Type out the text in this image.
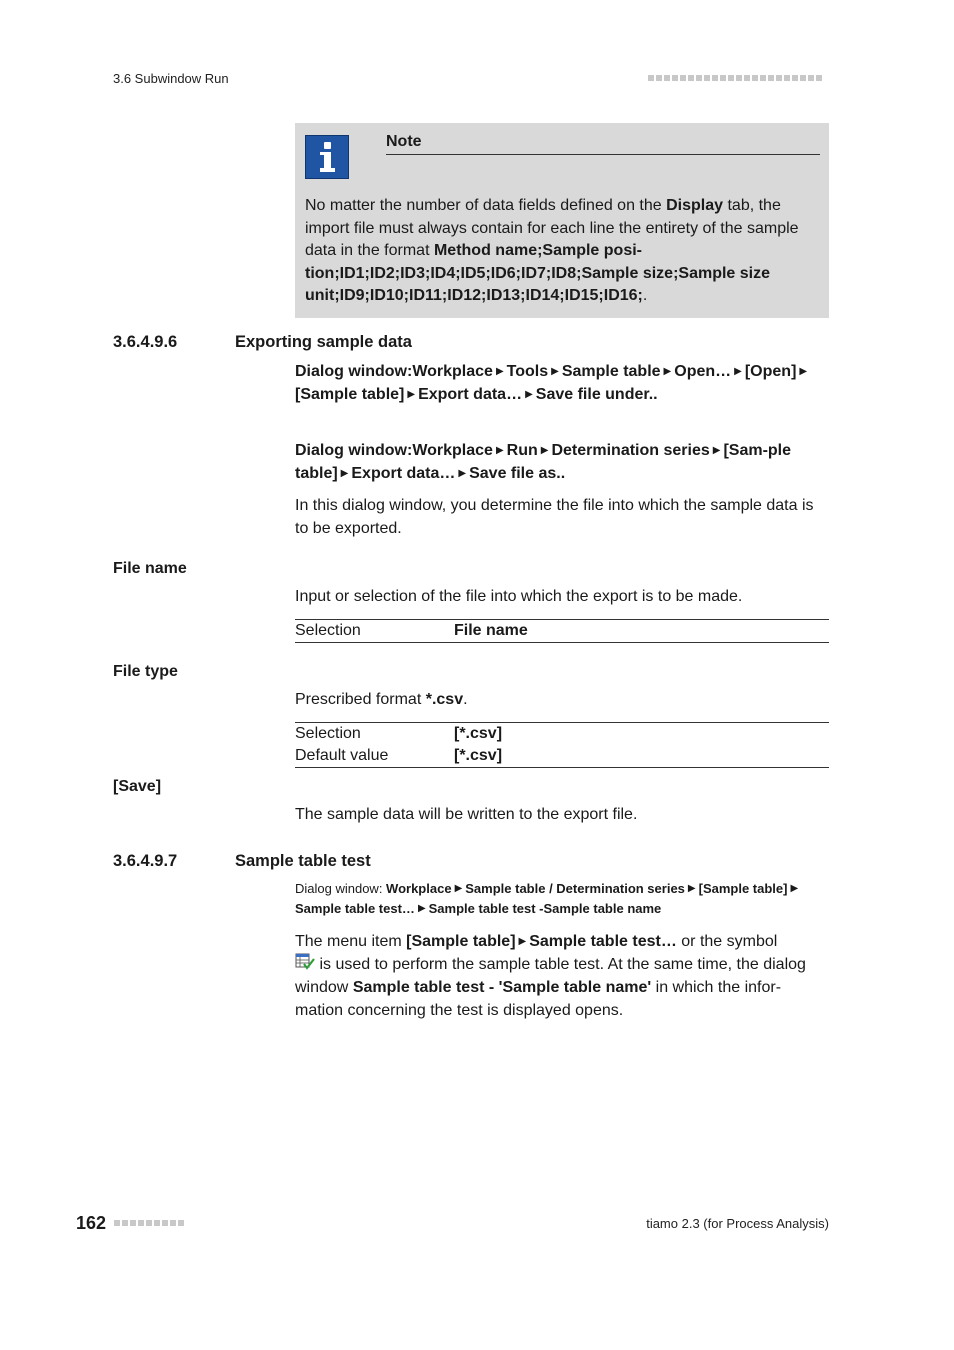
3.6 Subwindow Run
Note
No matter the number of data fields defined on the Display tab, the import file must always contain for each line the entirety of the sample data in the format Method name;Sample posi-tion;ID1;ID2;ID3;ID4;ID5;ID6;ID7;ID8;Sample size;Sample size unit;ID9;ID10;ID11;ID12;ID13;ID14;ID15;ID16;.
3.6.4.9.6	Exporting sample data
Dialog window:Workplace ▶ Tools ▶ Sample table ▶ Open… ▶ [Open] ▶[Sample table] ▶ Export data… ▶ Save file under..
Dialog window:Workplace ▶ Run ▶ Determination series ▶ [Sam-ple table] ▶ Export data… ▶ Save file as..
In this dialog window, you determine the file into which the sample data is to be exported.
File name
Input or selection of the file into which the export is to be made.
Selection	File name
File type
Prescribed format *.csv.
Selection	[*.csv]
Default value	[*.csv]
[Save]
The sample data will be written to the export file.
3.6.4.9.7	Sample table test
Dialog window: Workplace ▶ Sample table / Determination series ▶ [Sample table] ▶Sample table test… ▶ Sample table test -Sample table name
The menu item [Sample table] ▶ Sample table test… or the symbol
is used to perform the sample table test. At the same time, the dialog window Sample table test - 'Sample table name' in which the infor-mation concerning the test is displayed opens.
162	tiamo 2.3 (for Process Analysis)
